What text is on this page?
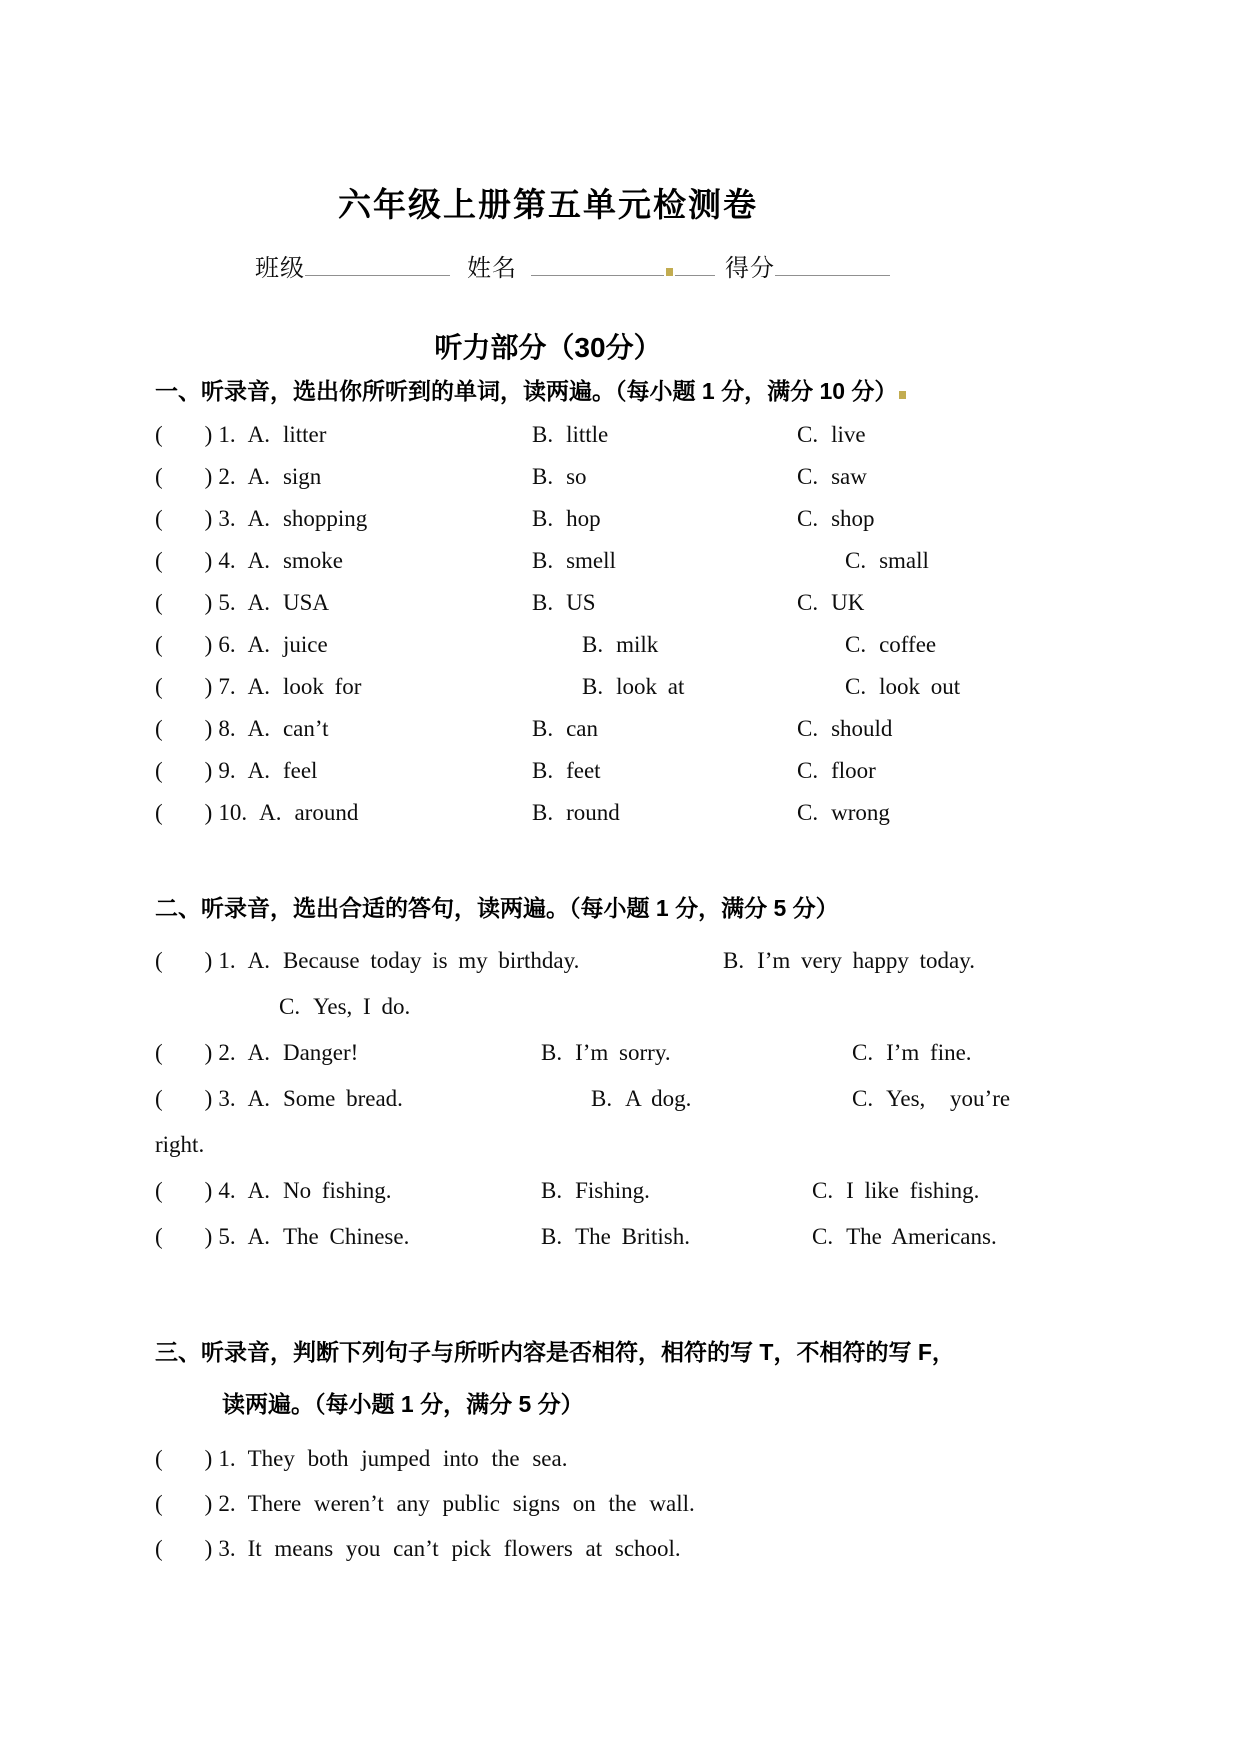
六年级上册第五单元检测卷
班级	姓名	得分
听力部分（30分）
一、听录音，选出你所听到的单词，读两遍。（每小题 1 分，满分 10 分）
( ) 1. A. litter	B. little	C. live
( ) 2. A. sign	B. so	C. saw
( ) 3. A. shopping	B. hop	C. shop
( ) 4. A. smoke	B. smell	C. small
( ) 5. A. USA	B. US	C. UK
( ) 6. A. juice	B. milk	C. coffee
( ) 7. A. look for	B. look at	C. look out
( ) 8. A. can’t	B. can	C. should
( ) 9. A. feel	B. feet	C. floor
( ) 10. A. around	B. round	C. wrong
二、听录音，选出合适的答句，读两遍。（每小题 1 分，满分 5 分）
( ) 1. A. Because today is my birthday.	B. I’m very happy today.
C. Yes, I do.
( ) 2. A. Danger!	B. I’m sorry.	C. I’m fine.
( ) 3. A. Some bread.	B. A dog.	C. Yes, you’re
right.
( ) 4. A. No fishing.	B. Fishing.	C. I like fishing.
( ) 5. A. The Chinese.	B. The British.	C. The Americans.
三、听录音，判断下列句子与所听内容是否相符，相符的写 T，不相符的写 F，
读两遍。（每小题 1 分，满分 5 分）
( ) 1. They both jumped into the sea.
( ) 2. There weren’t any public signs on the wall.
( ) 3. It means you can’t pick flowers at school.
